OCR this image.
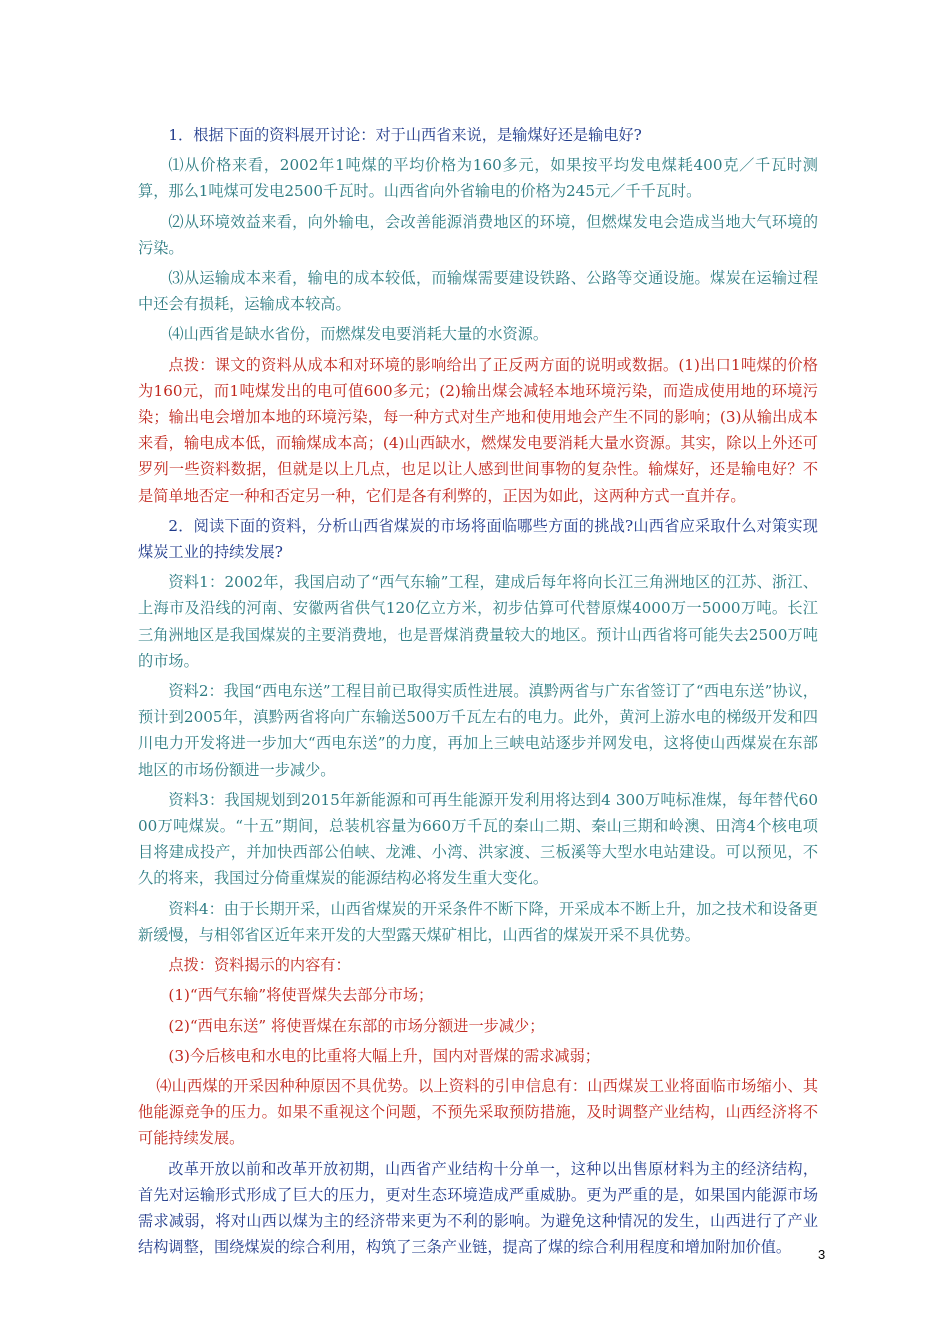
1．根据下面的资料展开讨论：对于山西省来说，是输煤好还是输电好?

⑴从价格来看，2002年1吨煤的平均价格为160多元，如果按平均发电煤耗400克／千瓦时测算，那么1吨煤可发电2500千瓦时。山西省向外省输电的价格为245元／千千瓦时。

⑵从环境效益来看，向外输电，会改善能源消费地区的环境，但燃煤发电会造成当地大气环境的污染。

⑶从运输成本来看，输电的成本较低，而输煤需要建设铁路、公路等交通设施。煤炭在运输过程中还会有损耗，运输成本较高。

⑷山西省是缺水省份，而燃煤发电要消耗大量的水资源。

点拨：课文的资料从成本和对环境的影响给出了正反两方面的说明或数据。(1)出口1吨煤的价格为160元，而1吨煤发出的电可值600多元；(2)输出煤会减轻本地环境污染，而造成使用地的环境污染；输出电会增加本地的环境污染，每一种方式对生产地和使用地会产生不同的影响；(3)从输出成本来看，输电成本低，而输煤成本高；(4)山西缺水，燃煤发电要消耗大量水资源。其实，除以上外还可罗列一些资料数据，但就是以上几点，也足以让人感到世间事物的复杂性。输煤好，还是输电好？不是简单地否定一种和否定另一种，它们是各有利弊的，正因为如此，这两种方式一直并存。

2．阅读下面的资料，分析山西省煤炭的市场将面临哪些方面的挑战?山西省应采取什么对策实现煤炭工业的持续发展?

资料1：2002年，我国启动了“西气东输”工程，建成后每年将向长江三角洲地区的江苏、浙江、上海市及沿线的河南、安徽两省供气120亿立方米，初步估算可代替原煤4000万一5000万吨。长江三角洲地区是我国煤炭的主要消费地，也是晋煤消费量较大的地区。预计山西省将可能失去2500万吨的市场。

资料2：我国“西电东送”工程目前已取得实质性进展。滇黔两省与广东省签订了“西电东送”协议，预计到2005年，滇黔两省将向广东输送500万千瓦左右的电力。此外，黄河上游水电的梯级开发和四川电力开发将进一步加大“西电东送”的力度，再加上三峡电站逐步并网发电，这将使山西煤炭在东部地区的市场份额进一步减少。

资料3：我国规划到2015年新能源和可再生能源开发利用将达到4 300万吨标准煤，每年替代6000万吨煤炭。“十五”期间，总装机容量为660万千瓦的秦山二期、秦山三期和岭澳、田湾4个核电项目将建成投产，并加快西部公伯峡、龙滩、小湾、洪家渡、三板溪等大型水电站建设。可以预见，不久的将来，我国过分倚重煤炭的能源结构必将发生重大变化。

资料4：由于长期开采，山西省煤炭的开采条件不断下降，开采成本不断上升，加之技术和设备更新缓慢，与相邻省区近年来开发的大型露天煤矿相比，山西省的煤炭开采不具优势。

点拨：资料揭示的内容有：

(1)“西气东输”将使晋煤失去部分市场；

(2)“西电东送” 将使晋煤在东部的市场分额进一步减少；

(3)今后核电和水电的比重将大幅上升，国内对晋煤的需求减弱；

⑷山西煤的开采因种种原因不具优势。以上资料的引申信息有：山西煤炭工业将面临市场缩小、其他能源竞争的压力。如果不重视这个问题，不预先采取预防措施，及时调整产业结构，山西经济将不可能持续发展。

改革开放以前和改革开放初期，山西省产业结构十分单一，这种以出售原材料为主的经济结构，首先对运输形式形成了巨大的压力，更对生态环境造成严重威胁。更为严重的是，如果国内能源市场需求减弱，将对山西以煤为主的经济带来更为不利的影响。为避免这种情况的发生，山西进行了产业结构调整，围绕煤炭的综合利用，构筑了三条产业链，提高了煤的综合利用程度和增加附加价值。	3
